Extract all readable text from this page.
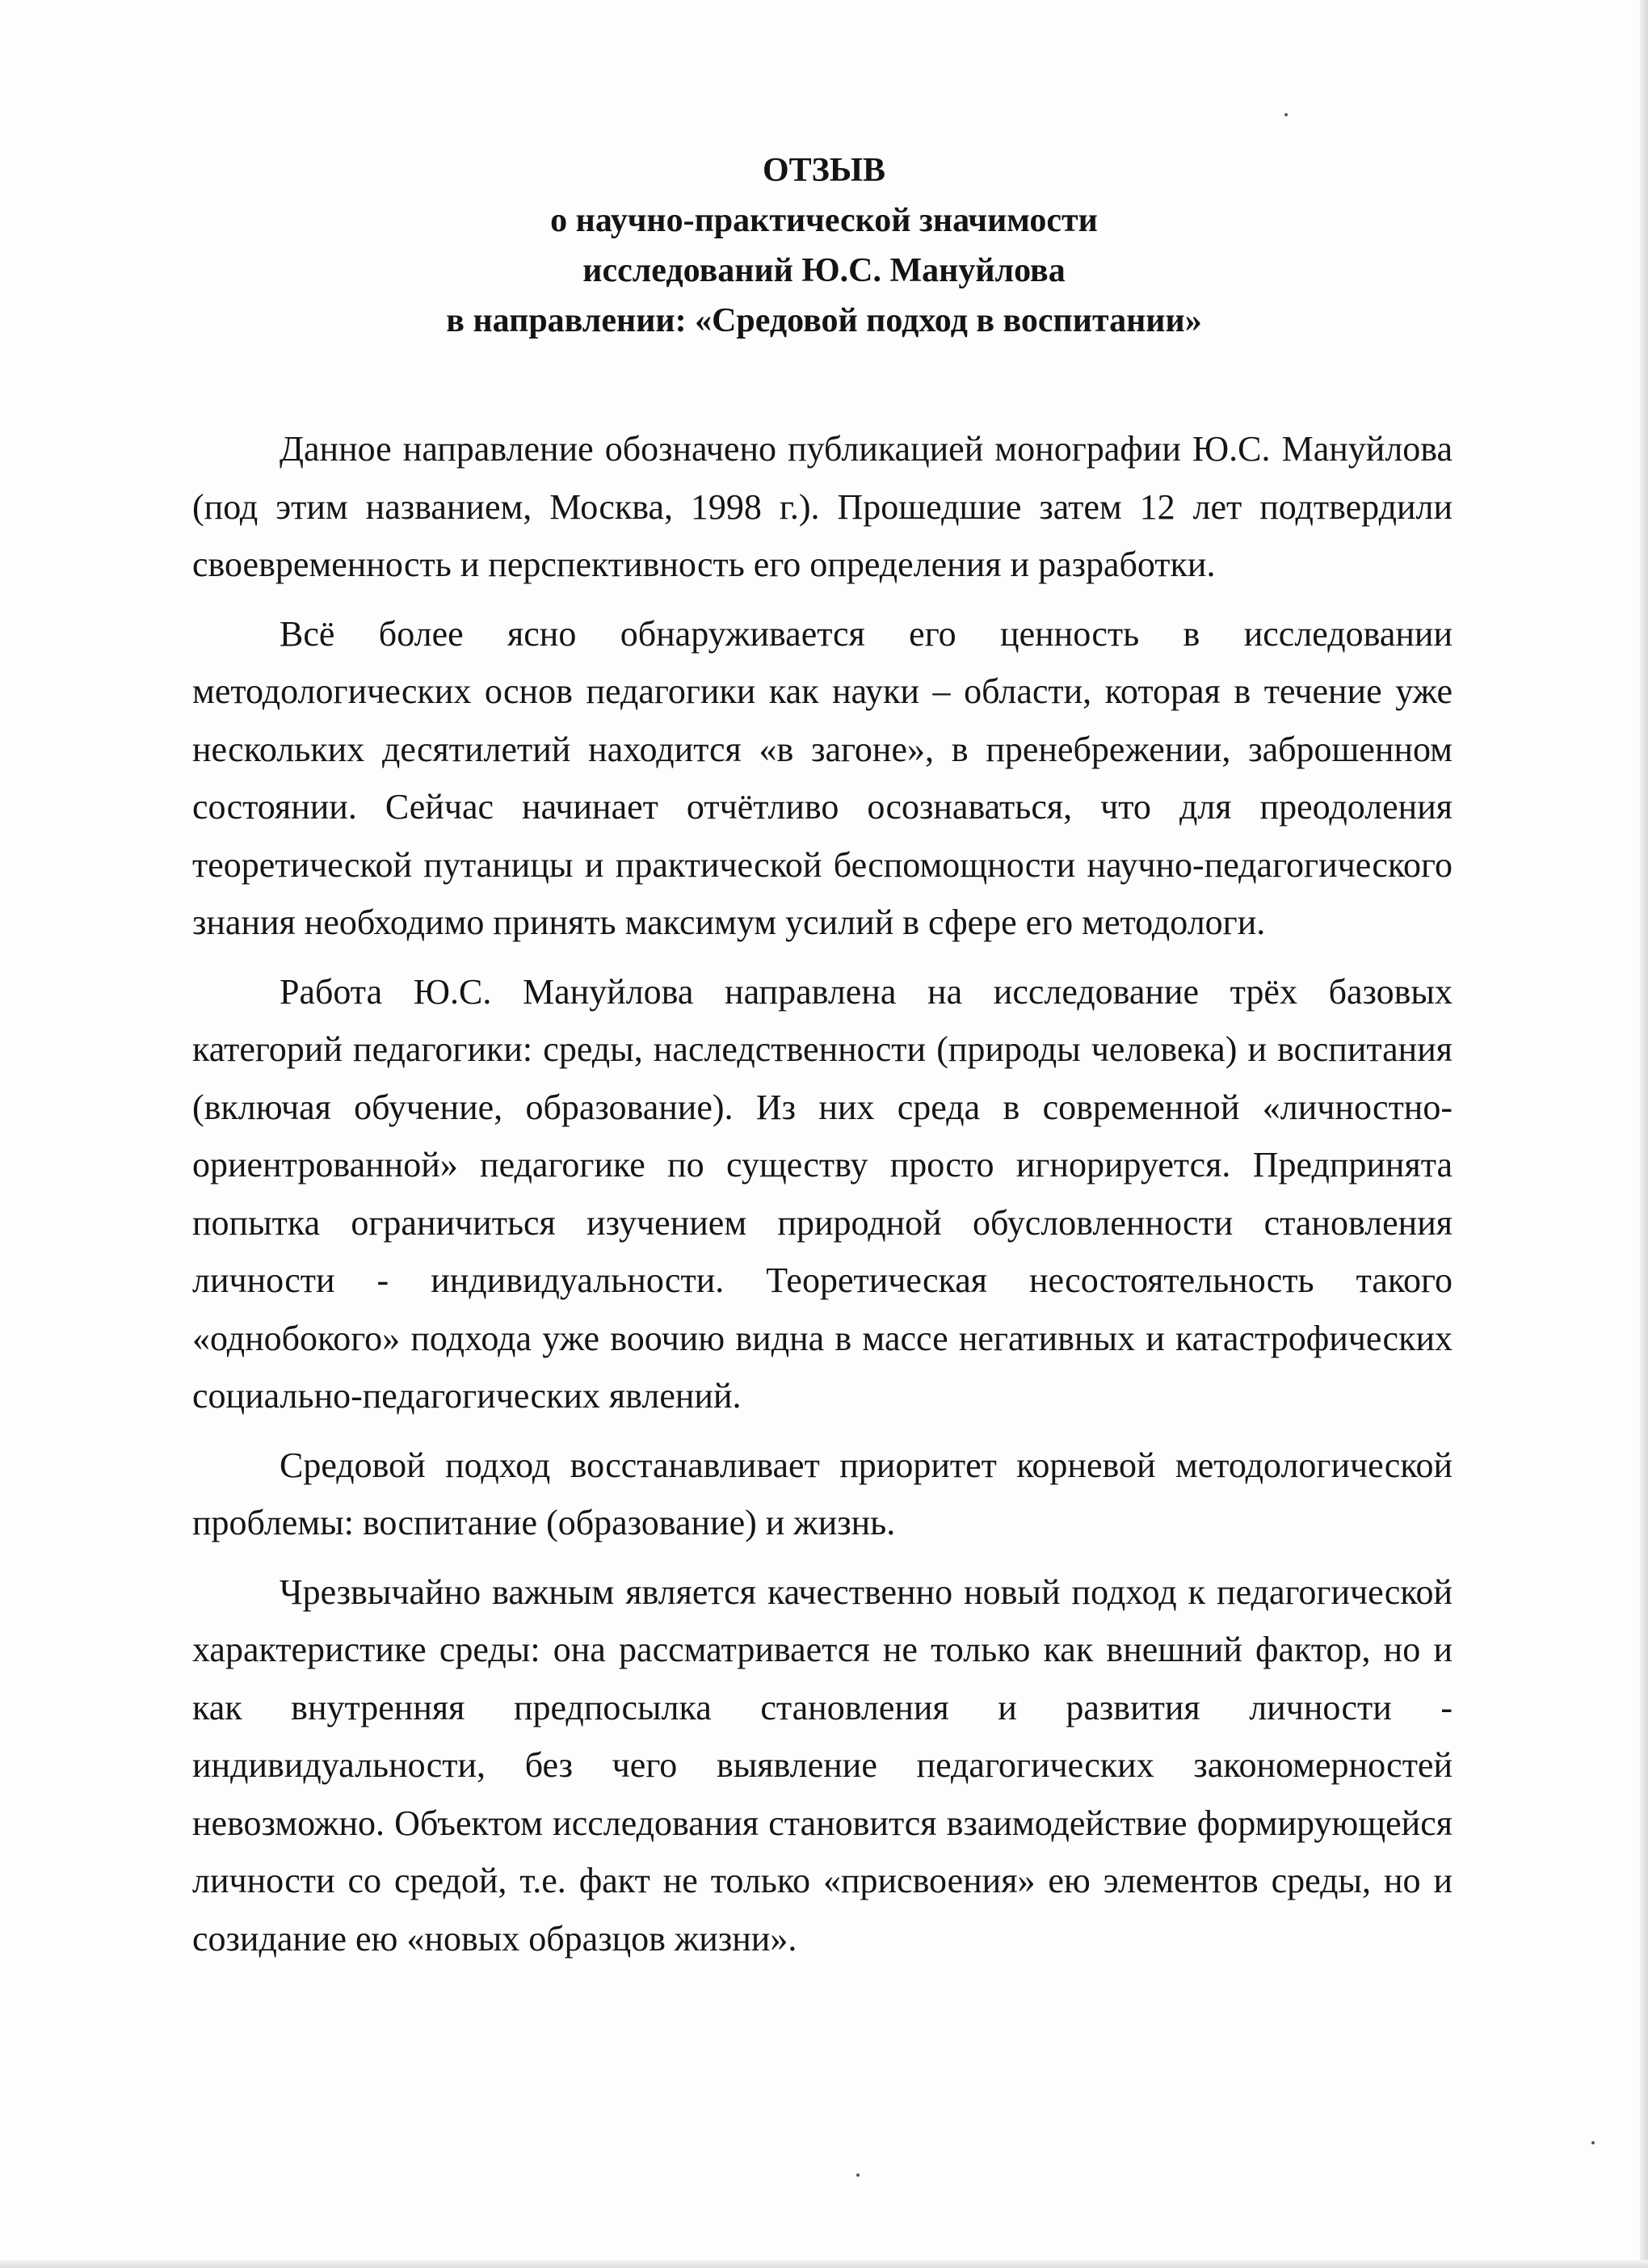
ОТЗЫВ
о научно-практической значимости
исследований Ю.С. Мануйлова
в направлении: «Средовой подход в воспитании»

Данное направление обозначено публикацией монографии Ю.С. Мануйлова (под этим названием, Москва, 1998 г.). Прошедшие затем 12 лет подтвердили своевременность и перспективность его определения и разработки.

Всё более ясно обнаруживается его ценность в исследовании методологических основ педагогики как науки – области, которая в течение уже нескольких десятилетий находится «в загоне», в пренебрежении, заброшенном состоянии. Сейчас начинает отчётливо осознаваться, что для преодоления теоретической путаницы и практической беспомощности научно-педагогического знания необходимо принять максимум усилий в сфере его методологи.

Работа Ю.С. Мануйлова направлена на исследование трёх базовых категорий педагогики: среды, наследственности (природы человека) и воспитания (включая обучение, образование). Из них среда в современной «личностно-ориентрованной» педагогике по существу просто игнорируется. Предпринята попытка ограничиться изучением природной обусловленности становления личности - индивидуальности. Теоретическая несостоятельность такого «однобокого» подхода уже воочию видна в массе негативных и катастрофических социально-педагогических явлений.

Средовой подход восстанавливает приоритет корневой методологической проблемы: воспитание (образование) и жизнь.

Чрезвычайно важным является качественно новый подход к педагогической характеристике среды: она рассматривается не только как внешний фактор, но и как внутренняя предпосылка становления и развития личности - индивидуальности, без чего выявление педагогических закономерностей невозможно. Объектом исследования становится взаимодействие формирующейся личности со средой, т.е. факт не только «присвоения» ею элементов среды, но и созидание ею «новых образцов жизни».
